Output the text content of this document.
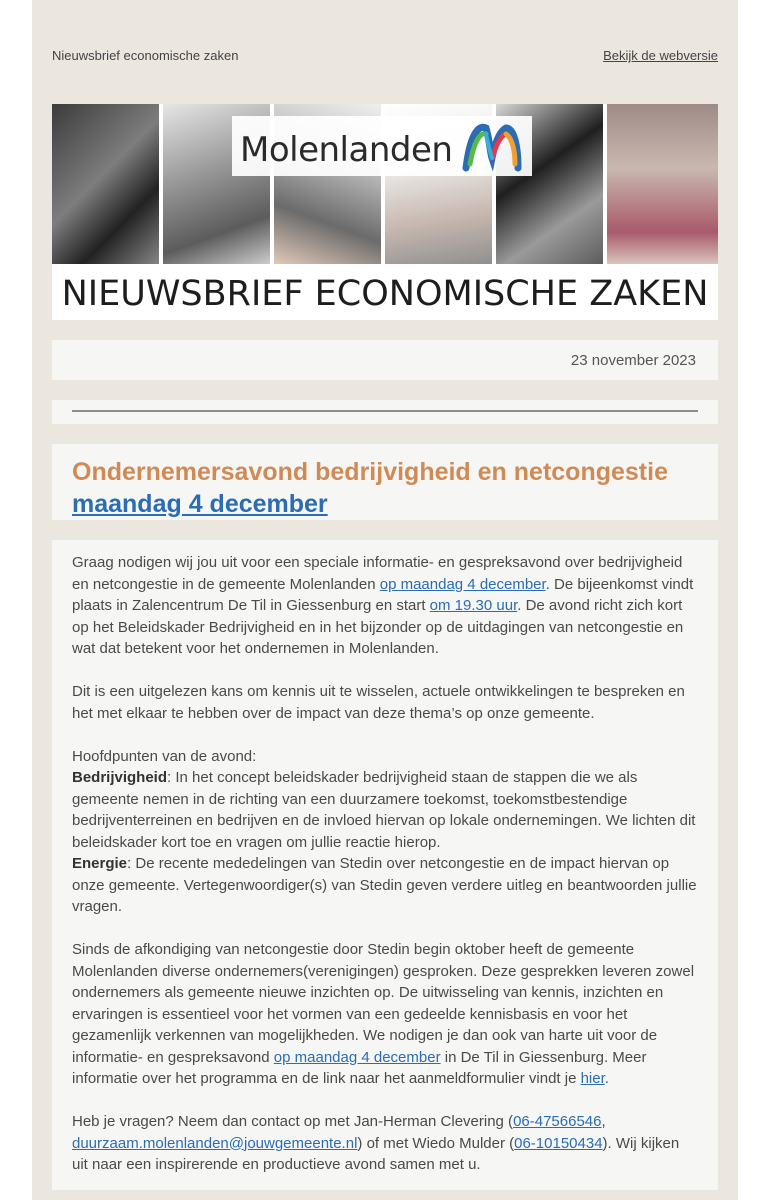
Nieuwsbrief economische zaken	Bekijk de webversie
Molenlanden
NIEUWSBRIEF ECONOMISCHE ZAKEN
23 november 2023
Ondernemersavond bedrijvigheid en netcongestie maandag 4 december

Graag nodigen wij jou uit voor een speciale informatie- en gespreksavond over bedrijvigheid en netcongestie in de gemeente Molenlanden op maandag 4 december. De bijeenkomst vindt plaats in Zalencentrum De Til in Giessenburg en start om 19.30 uur. De avond richt zich kort op het Beleidskader Bedrijvigheid en in het bijzonder op de uitdagingen van netcongestie en wat dat betekent voor het ondernemen in Molenlanden.

Dit is een uitgelezen kans om kennis uit te wisselen, actuele ontwikkelingen te bespreken en het met elkaar te hebben over de impact van deze thema’s op onze gemeente.

Hoofdpunten van de avond:
Bedrijvigheid: In het concept beleidskader bedrijvigheid staan de stappen die we als gemeente nemen in de richting van een duurzamere toekomst, toekomstbestendige bedrijventerreinen en bedrijven en de invloed hiervan op lokale ondernemingen. We lichten dit beleidskader kort toe en vragen om jullie reactie hierop.
Energie: De recente mededelingen van Stedin over netcongestie en de impact hiervan op onze gemeente. Vertegenwoordiger(s) van Stedin geven verdere uitleg en beantwoorden jullie vragen.

Sinds de afkondiging van netcongestie door Stedin begin oktober heeft de gemeente Molenlanden diverse ondernemers(verenigingen) gesproken. Deze gesprekken leveren zowel ondernemers als gemeente nieuwe inzichten op. De uitwisseling van kennis, inzichten en ervaringen is essentieel voor het vormen van een gedeelde kennisbasis en voor het gezamenlijk verkennen van mogelijkheden. We nodigen je dan ook van harte uit voor de informatie- en gespreksavond op maandag 4 december in De Til in Giessenburg. Meer informatie over het programma en de link naar het aanmeldformulier vindt je hier.

Heb je vragen? Neem dan contact op met Jan-Herman Clevering (06-47566546, duurzaam.molenlanden@jouwgemeente.nl) of met Wiedo Mulder (06-10150434). Wij kijken uit naar een inspirerende en productieve avond samen met u.
